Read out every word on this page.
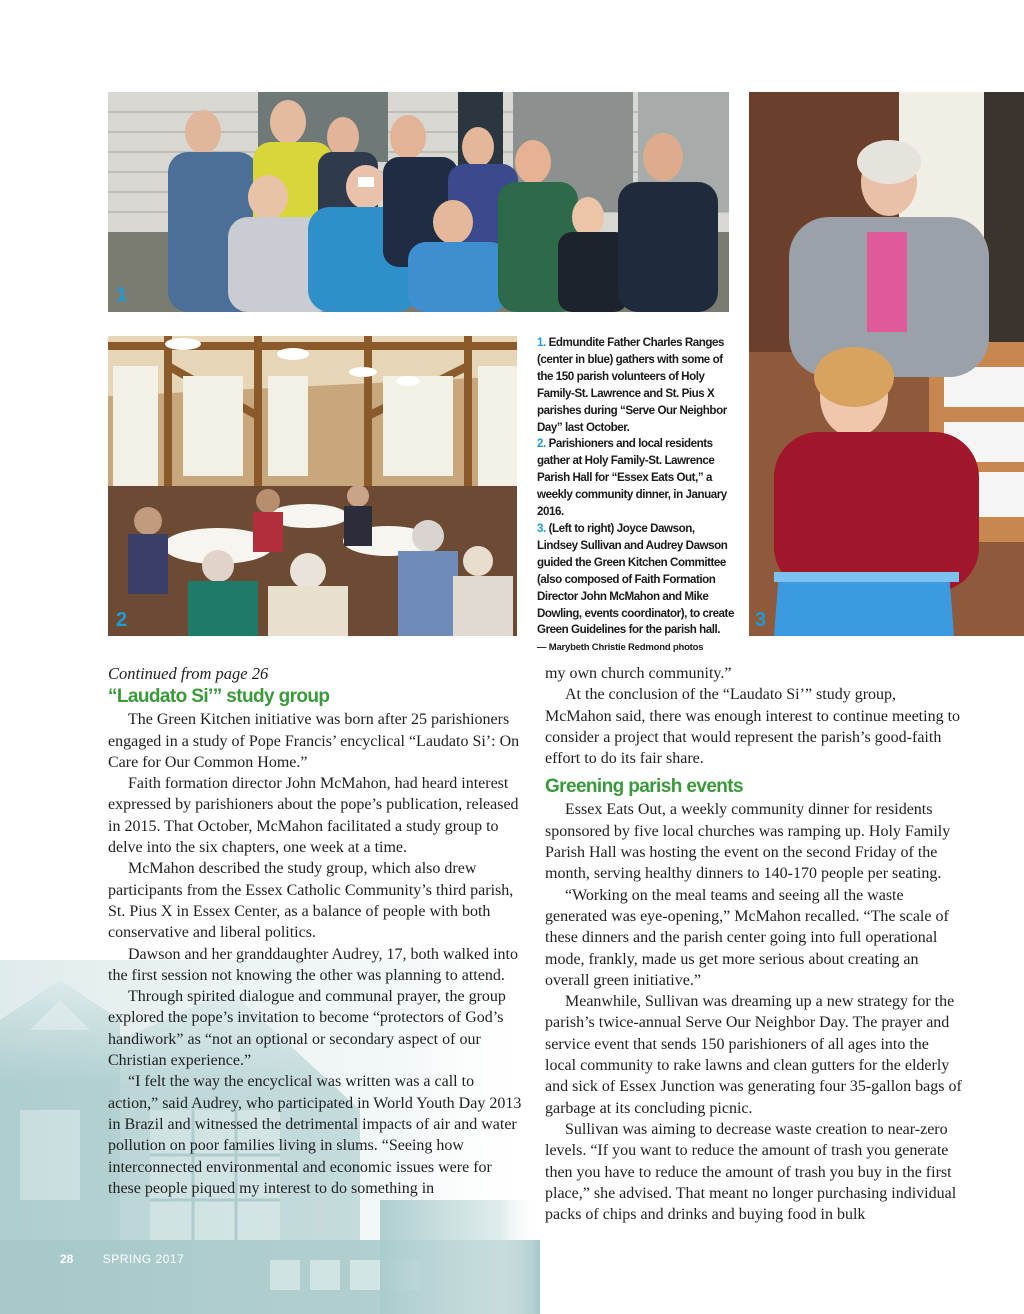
1
2	3
1. Edmundite Father Charles Ranges (center in blue) gathers with some of the 150 parish volunteers of Holy Family-St. Lawrence and St. Pius X parishes during “Serve Our Neighbor Day” last October.
2. Parishioners and local residents gather at Holy Family-St. Lawrence Parish Hall for “Essex Eats Out,” a weekly community dinner, in January 2016.
3. (Left to right) Joyce Dawson, Lindsey Sullivan and Audrey Dawson guided the Green Kitchen Committee (also composed of Faith Formation Director John McMahon and Mike Dowling, events coordinator), to create Green Guidelines for the parish hall.
— Marybeth Christie Redmond photos
Continued from page 26
“Laudato Si’” study group

The Green Kitchen initiative was born after 25 parishioners engaged in a study of Pope Francis’ encyclical “Laudato Si’: On Care for Our Common Home.”

Faith formation director John McMahon, had heard interest expressed by parishioners about the pope’s publication, released in 2015. That October, McMahon facilitated a study group to delve into the six chapters, one week at a time.

McMahon described the study group, which also drew participants from the Essex Catholic Community’s third parish, St. Pius X in Essex Center, as a balance of people with both conservative and liberal politics.

Dawson and her granddaughter Audrey, 17, both walked into the first session not knowing the other was planning to attend.

Through spirited dialogue and communal prayer, the group explored the pope’s invitation to become “protectors of God’s handiwork” as “not an optional or secondary aspect of our Christian experience.”

“I felt the way the encyclical was written was a call to action,” said Audrey, who participated in World Youth Day 2013 in Brazil and witnessed the detrimental impacts of air and water pollution on poor families living in slums. “Seeing how interconnected environmental and economic issues were for these people piqued my interest to do something in

my own church community.”

At the conclusion of the “Laudato Si’” study group, McMahon said, there was enough interest to continue meeting to consider a project that would represent the parish’s good-faith effort to do its fair share.

Greening parish events

Essex Eats Out, a weekly community dinner for residents sponsored by five local churches was ramping up. Holy Family Parish Hall was hosting the event on the second Friday of the month, serving healthy dinners to 140-170 people per seating.

“Working on the meal teams and seeing all the waste generated was eye-opening,” McMahon recalled. “The scale of these dinners and the parish center going into full operational mode, frankly, made us get more serious about creating an overall green initiative.”

Meanwhile, Sullivan was dreaming up a new strategy for the parish’s twice-annual Serve Our Neighbor Day. The prayer and service event that sends 150 parishioners of all ages into the local community to rake lawns and clean gutters for the elderly and sick of Essex Junction was generating four 35-gallon bags of garbage at its concluding picnic.

Sullivan was aiming to decrease waste creation to near-zero levels. “If you want to reduce the amount of trash you generate then you have to reduce the amount of trash you buy in the first place,” she advised. That meant no longer purchasing individual packs of chips and drinks and buying food in bulk

28 SPRING 2017
